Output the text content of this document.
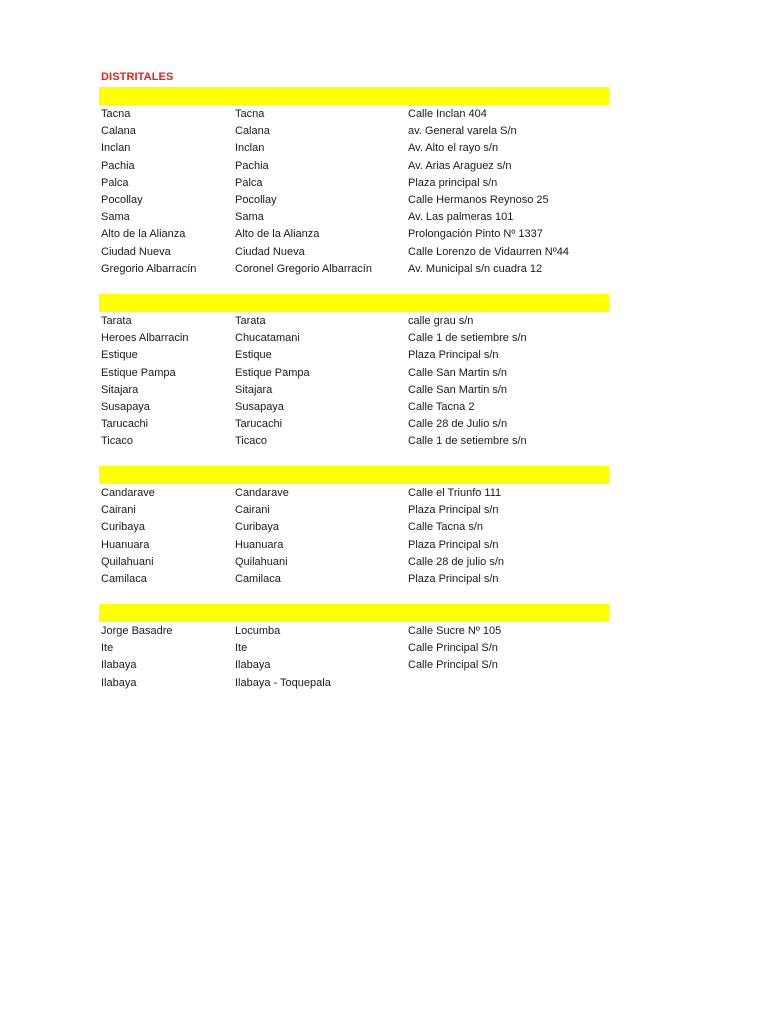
DISTRITALES
Tacna	Tacna	Calle Inclan 404
Calana	Calana	av. General varela S/n
Inclan	Inclan	Av. Alto el rayo s/n
Pachia	Pachia	Av. Arias Araguez s/n
Palca	Palca	Plaza principal s/n
Pocollay	Pocollay	Calle Hermanos Reynoso 25
Sama	Sama	Av. Las palmeras 101
Alto de la Alianza	Alto de la Alianza	Prolongación Pinto Nº 1337
Ciudad Nueva	Ciudad Nueva	Calle Lorenzo de Vidaurren Nº44
Gregorio Albarracín	Coronel Gregorio Albarracín	Av. Municipal s/n cuadra 12
Tarata	Tarata	calle grau s/n
Heroes Albarracin	Chucatamani	Calle 1 de setiembre s/n
Estique	Estique	Plaza Principal s/n
Estique Pampa	Estique Pampa	Calle San Martin s/n
Sitajara	Sitajara	Calle San Martin s/n
Susapaya	Susapaya	Calle Tacna 2
Tarucachi	Tarucachi	Calle 28 de Julio s/n
Ticaco	Ticaco	Calle 1 de setiembre s/n
Candarave	Candarave	Calle el Triunfo 111
Cairani	Cairani	Plaza Principal s/n
Curibaya	Curibaya	Calle Tacna s/n
Huanuara	Huanuara	Plaza Principal s/n
Quilahuani	Quilahuani	Calle 28 de julio s/n
Camilaca	Camilaca	Plaza Principal s/n
Jorge Basadre	Locumba	Calle Sucre Nº 105
Ite	Ite	Calle Principal S/n
Ilabaya	Ilabaya	Calle Principal S/n
Ilabaya	Ilabaya - Toquepala
